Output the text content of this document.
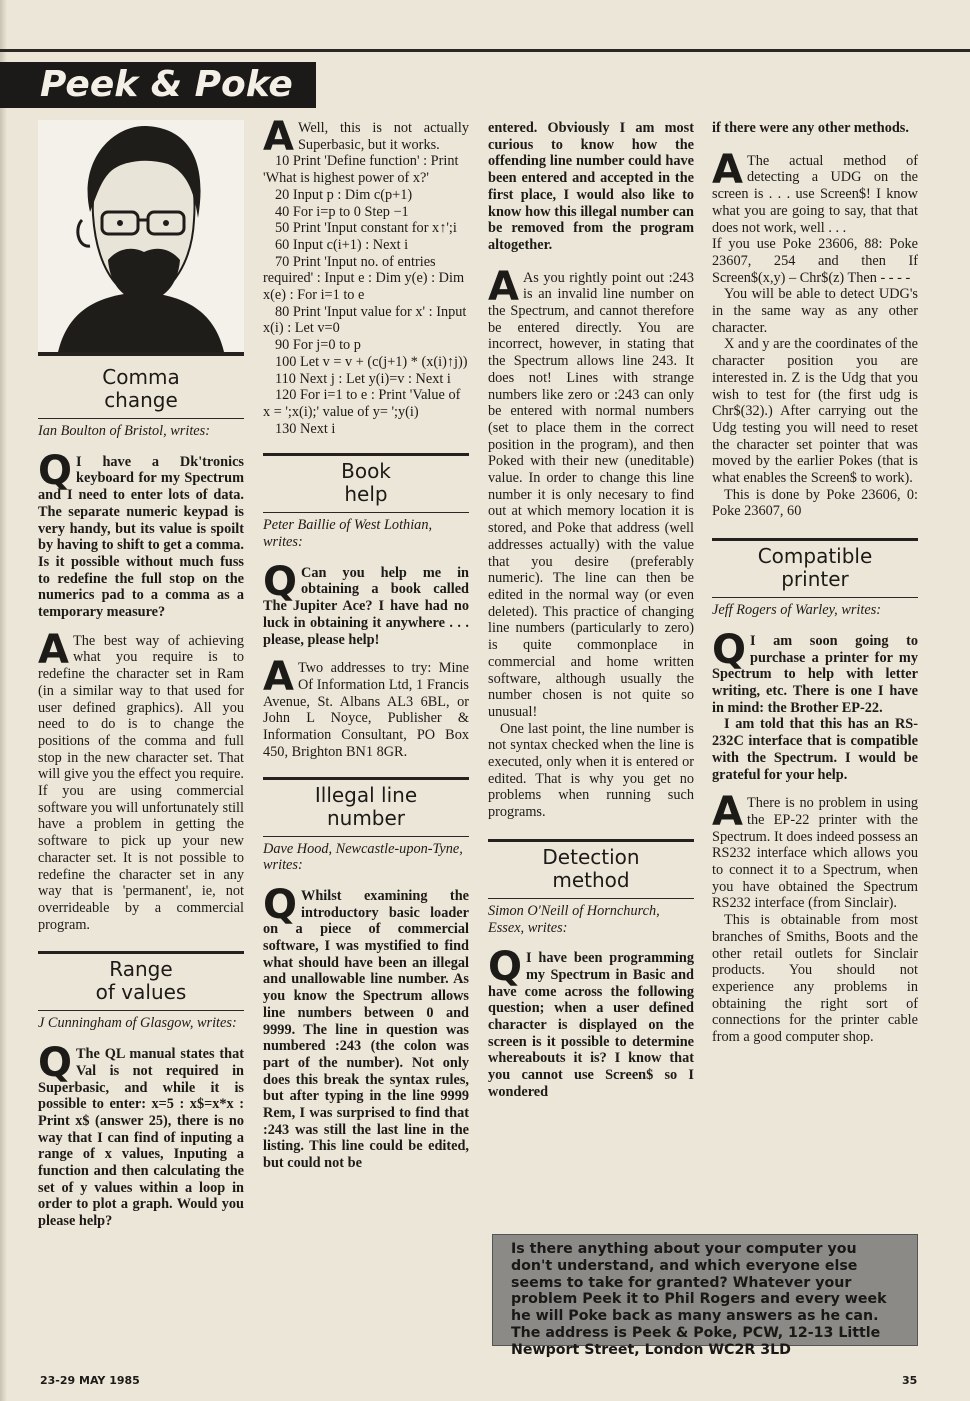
Peek & Poke
Comma
change
Ian Boulton of Bristol, writes:

Q I have a Dk'tronics keyboard for my Spectrum and I need to enter lots of data. The separate numeric keypad is very handy, but its value is spoilt by having to shift to get a comma. Is it possible without much fuss to redefine the full stop on the numerics pad to a comma as a temporary measure?

A The best way of achieving what you require is to redefine the character set in Ram (in a similar way to that used for user defined graphics). All you need to do is to change the positions of the comma and full stop in the new character set. That will give you the effect you require. If you are using commercial software you will unfortunately still have a problem in getting the software to pick up your new character set. It is not possible to redefine the character set in any way that is 'permanent', ie, not overrideable by a commercial program.

Range
of values
J Cunningham of Glasgow, writes:

Q The QL manual states that Val is not required in Superbasic, and while it is possible to enter: x=5 : x$=x*x : Print x$ (answer 25), there is no way that I can find of inputing a range of x values, Inputing a function and then calculating the set of y values within a loop in order to plot a graph. Would you please help?

A Well, this is not actually Superbasic, but it works.

10 Print 'Define function' : Print 'What is highest power of x?'

20 Input p : Dim c(p+1)

40 For i=p to 0 Step −1

50 Print 'Input constant for x↑';i

60 Input c(i+1) : Next i

70 Print 'Input no. of entries required' : Input e : Dim y(e) : Dim x(e) : For i=1 to e

80 Print 'Input value for x' : Input x(i) : Let v=0

90 For j=0 to p

100 Let v = v + (c(j+1) * (x(i)↑j))

110 Next j : Let y(i)=v : Next i

120 For i=1 to e : Print 'Value of x = ';x(i);' value of y= ';y(i)

130 Next i

Book
help
Peter Baillie of West Lothian, writes:

Q Can you help me in obtaining a book called The Jupiter Ace? I have had no luck in obtaining it anywhere . . . please, please help!

A Two addresses to try: Mine Of Information Ltd, 1 Francis Avenue, St. Albans AL3 6BL, or John L Noyce, Publisher & Information Consultant, PO Box 450, Brighton BN1 8GR.

Illegal line
number
Dave Hood, Newcastle-upon-Tyne, writes:

Q Whilst examining the introductory basic loader on a piece of commercial software, I was mystified to find what should have been an illegal and unallowable line number. As you know the Spectrum allows line numbers between 0 and 9999. The line in question was numbered :243 (the colon was part of the number). Not only does this break the syntax rules, but after typing in the line 9999 Rem, I was surprised to find that :243 was still the last line in the listing. This line could be edited, but could not be

entered. Obviously I am most curious to know how the offending line number could have been entered and accepted in the first place, I would also like to know how this illegal number can be removed from the program altogether.

A As you rightly point out :243 is an invalid line number on the Spectrum, and cannot therefore be entered directly. You are incorrect, however, in stating that the Spectrum allows line 243. It does not! Lines with strange numbers like zero or :243 can only be entered with normal numbers (set to place them in the correct position in the program), and then Poked with their new (uneditable) value. In order to change this line number it is only necesary to find out at which memory location it is stored, and Poke that address (well addresses actually) with the value that you desire (preferably numeric). The line can then be edited in the normal way (or even deleted). This practice of changing line numbers (particularly to zero) is quite commonplace in commercial and home written software, although usually the number chosen is not quite so unusual!

One last point, the line number is not syntax checked when the line is executed, only when it is entered or edited. That is why you get no problems when running such programs.

Detection
method
Simon O'Neill of Hornchurch, Essex, writes:

Q I have been programming my Spectrum in Basic and have come across the following question; when a user defined character is displayed on the screen is it possible to determine whereabouts it is? I know that you cannot use Screen$ so I wondered

if there were any other methods.

A The actual method of detecting a UDG on the screen is . . . use Screen$! I know what you are going to say, that that does not work, well . . .

If you use Poke 23606, 88: Poke 23607, 254 and then If Screen$(x,y) – Chr$(z) Then - - - -

You will be able to detect UDG's in the same way as any other character.

X and y are the coordinates of the character position you are interested in. Z is the Udg that you wish to test for (the first udg is Chr$(32).) After carrying out the Udg testing you will need to reset the character set pointer that was moved by the earlier Pokes (that is what enables the Screen$ to work).

This is done by Poke 23606, 0: Poke 23607, 60

Compatible
printer
Jeff Rogers of Warley, writes:

Q I am soon going to purchase a printer for my Spectrum to help with letter writing, etc. There is one I have in mind: the Brother EP-22.

I am told that this has an RS-232C interface that is compatible with the Spectrum. I would be grateful for your help.

A There is no problem in using the EP-22 printer with the Spectrum. It does indeed possess an RS232 interface which allows you to connect it to a Spectrum, when you have obtained the Spectrum RS232 interface (from Sinclair).

This is obtainable from most branches of Smiths, Boots and the other retail outlets for Sinclair products. You should not experience any problems in obtaining the right sort of connections for the printer cable from a good computer shop.

Is there anything about your computer you don't understand, and which everyone else seems to take for granted? Whatever your problem Peek it to Phil Rogers and every week he will Poke back as many answers as he can. The address is Peek & Poke, PCW, 12-13 Little Newport Street, London WC2R 3LD
23-29 MAY 1985	35
